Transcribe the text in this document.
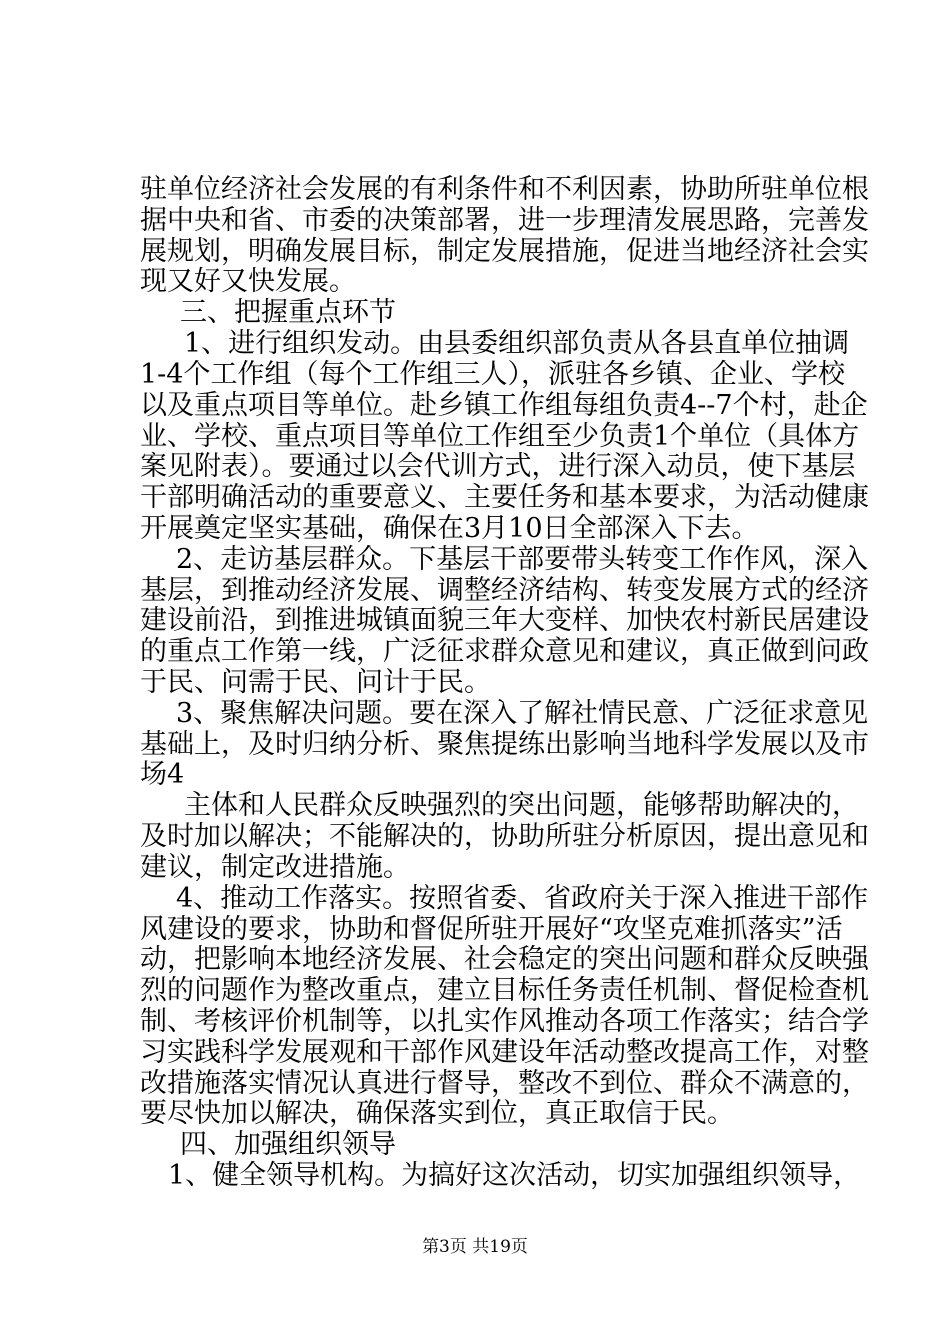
驻单位经济社会发展的有利条件和不利因素，协助所驻单位根

据中央和省、市委的决策部署，进一步理清发展思路，完善发

展规划，明确发展目标，制定发展措施，促进当地经济社会实

现又好又快发展。

三、把握重点环节

1、进行组织发动。由县委组织部负责从各县直单位抽调

1-4个工作组（每个工作组三人），派驻各乡镇、企业、学校

以及重点项目等单位。赴乡镇工作组每组负责4--7个村，赴企

业、学校、重点项目等单位工作组至少负责1个单位（具体方

案见附表）。要通过以会代训方式，进行深入动员，使下基层

干部明确活动的重要意义、主要任务和基本要求，为活动健康

开展奠定坚实基础，确保在3月10日全部深入下去。

2、走访基层群众。下基层干部要带头转变工作作风，深入

基层，到推动经济发展、调整经济结构、转变发展方式的经济

建设前沿，到推进城镇面貌三年大变样、加快农村新民居建设

的重点工作第一线，广泛征求群众意见和建议，真正做到问政

于民、问需于民、问计于民。

3、聚焦解决问题。要在深入了解社情民意、广泛征求意见

基础上，及时归纳分析、聚焦提练出影响当地科学发展以及市

场4

主体和人民群众反映强烈的突出问题，能够帮助解决的，

及时加以解决；不能解决的，协助所驻分析原因，提出意见和

建议，制定改进措施。

4、推动工作落实。按照省委、省政府关于深入推进干部作

风建设的要求，协助和督促所驻开展好“攻坚克难抓落实”活

动，把影响本地经济发展、社会稳定的突出问题和群众反映强

烈的问题作为整改重点，建立目标任务责任机制、督促检查机

制、考核评价机制等，以扎实作风推动各项工作落实；结合学

习实践科学发展观和干部作风建设年活动整改提高工作，对整

改措施落实情况认真进行督导，整改不到位、群众不满意的，

要尽快加以解决，确保落实到位，真正取信于民。

四、加强组织领导

1、健全领导机构。为搞好这次活动，切实加强组织领导，

第3页 共19页
